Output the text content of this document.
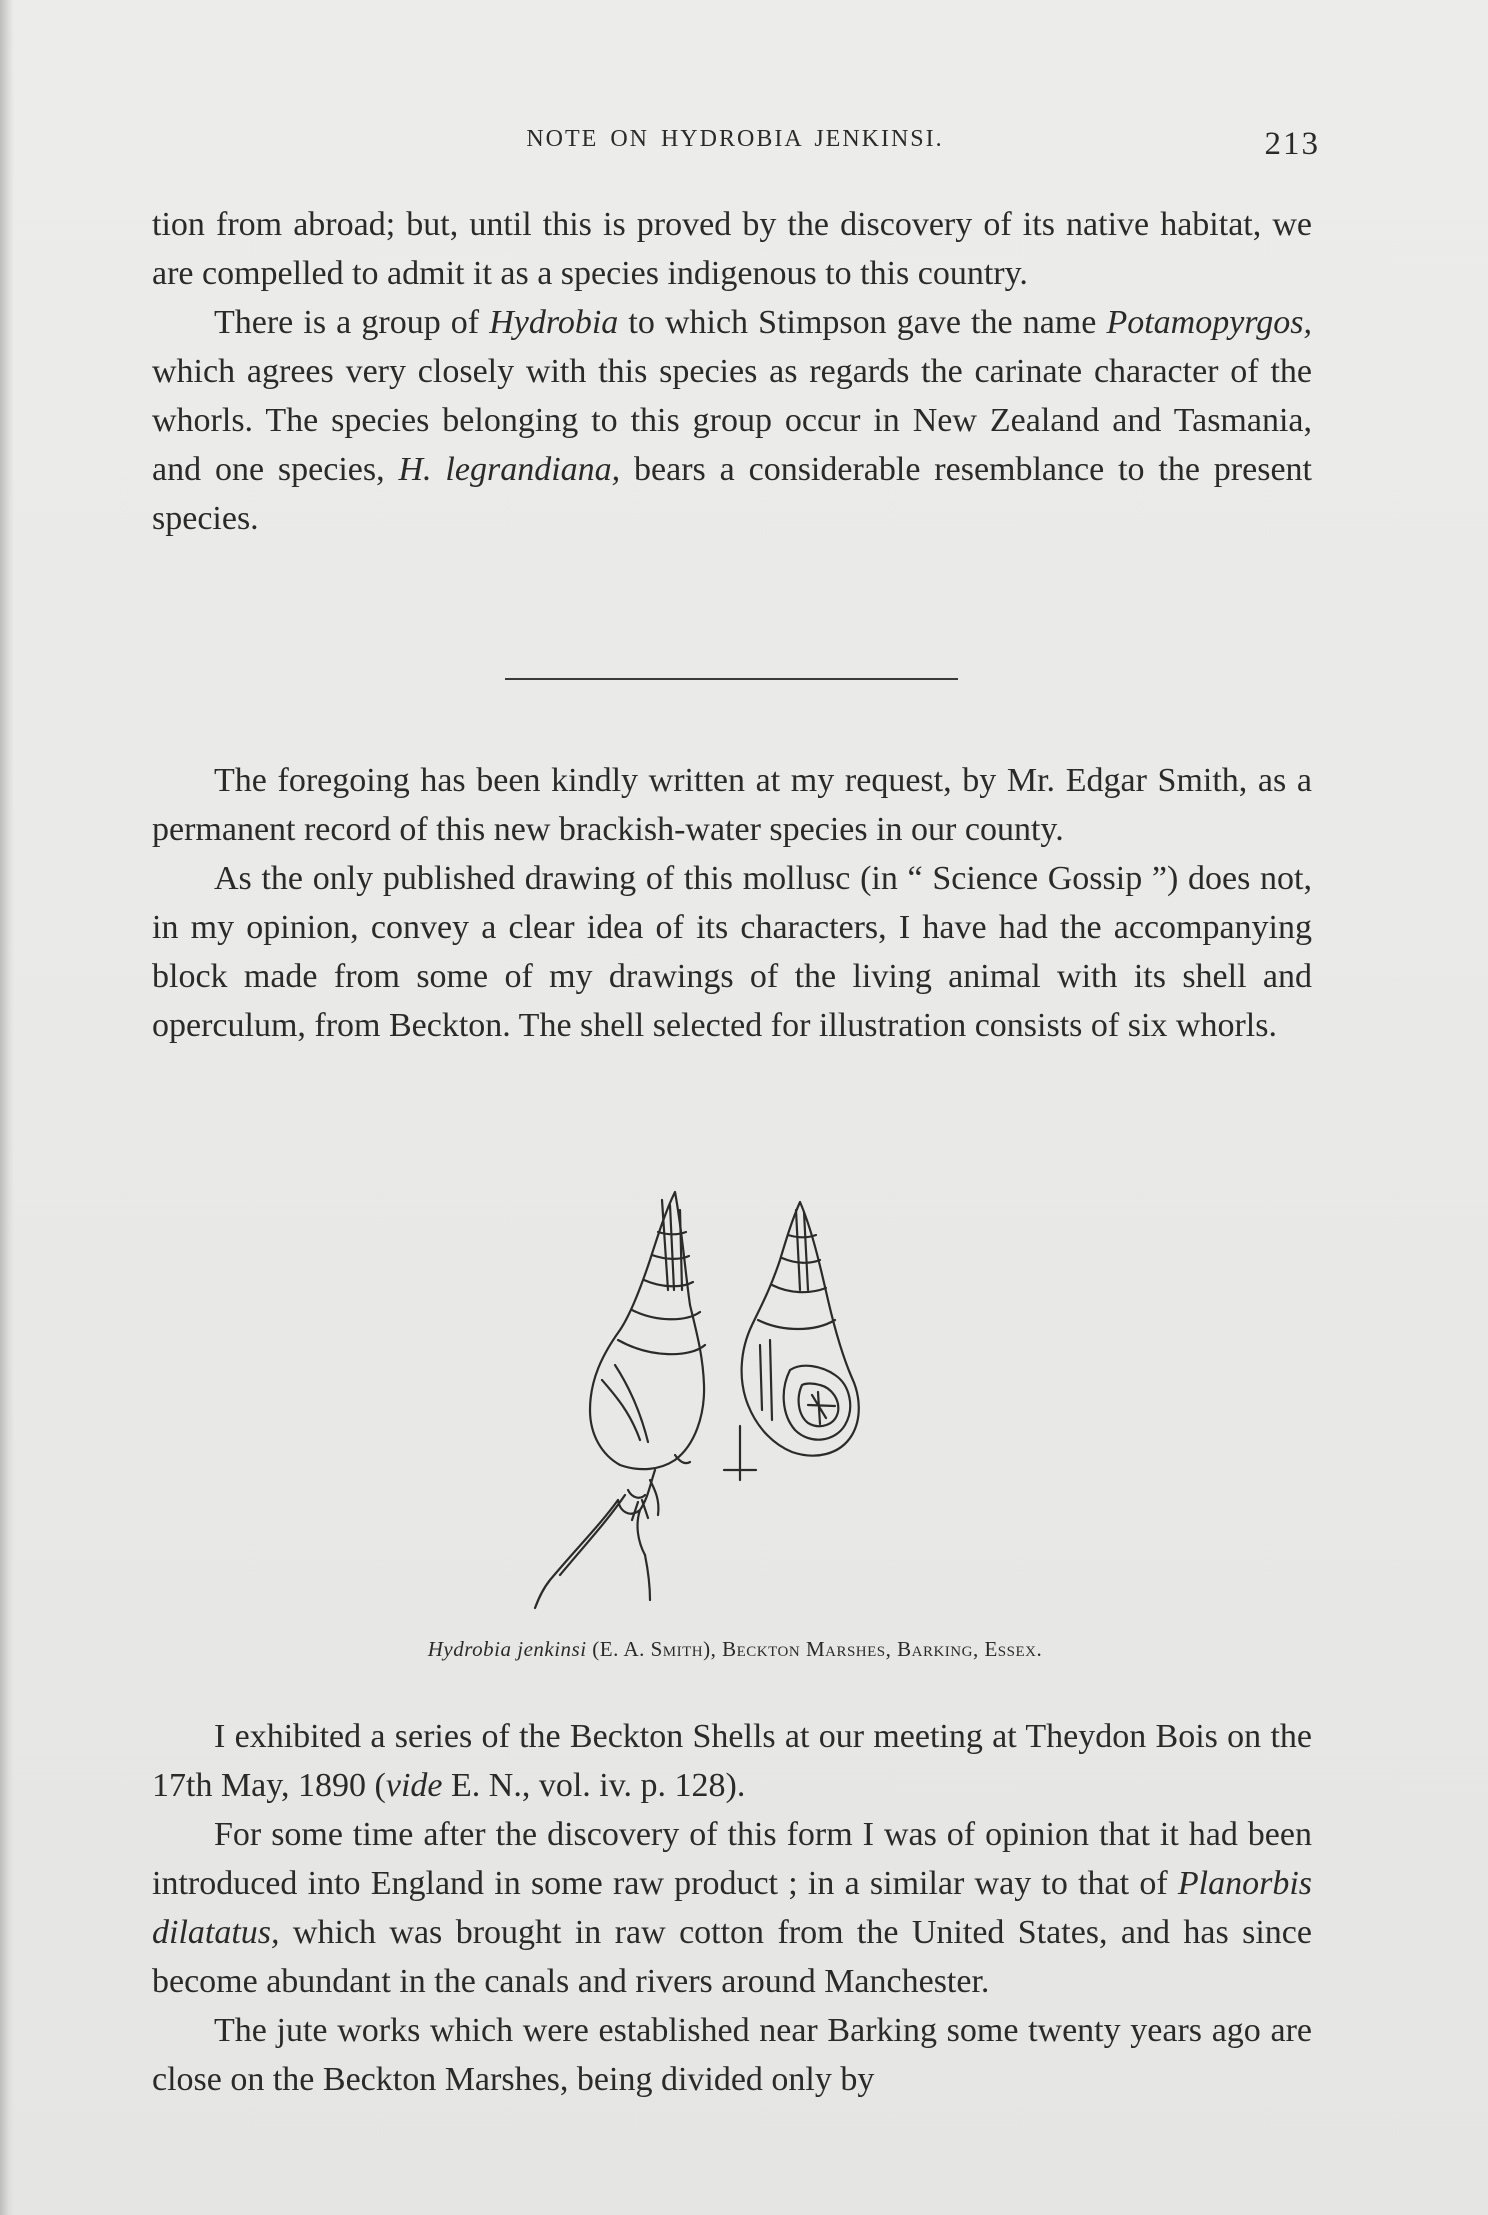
NOTE ON HYDROBIA JENKINSI.	213

tion from abroad; but, until this is proved by the discovery of its native habitat, we are compelled to admit it as a species indigenous to this country.

There is a group of Hydrobia to which Stimpson gave the name Potamopyrgos, which agrees very closely with this species as regards the carinate character of the whorls. The species belonging to this group occur in New Zealand and Tasmania, and one species, H. legrandiana, bears a considerable resemblance to the present species.

The foregoing has been kindly written at my request, by Mr. Edgar Smith, as a permanent record of this new brackish-water species in our county.

As the only published drawing of this mollusc (in “ Science Gossip ”) does not, in my opinion, convey a clear idea of its characters, I have had the accompanying block made from some of my drawings of the living animal with its shell and operculum, from Beckton. The shell selected for illustration consists of six whorls.

Hydrobia jenkinsi (E. A. Smith), Beckton Marshes, Barking, Essex.

I exhibited a series of the Beckton Shells at our meeting at Theydon Bois on the 17th May, 1890 (vide E. N., vol. iv. p. 128).

For some time after the discovery of this form I was of opinion that it had been introduced into England in some raw product ; in a similar way to that of Planorbis dilatatus, which was brought in raw cotton from the United States, and has since become abundant in the canals and rivers around Manchester.

The jute works which were established near Barking some twenty years ago are close on the Beckton Marshes, being divided only by
